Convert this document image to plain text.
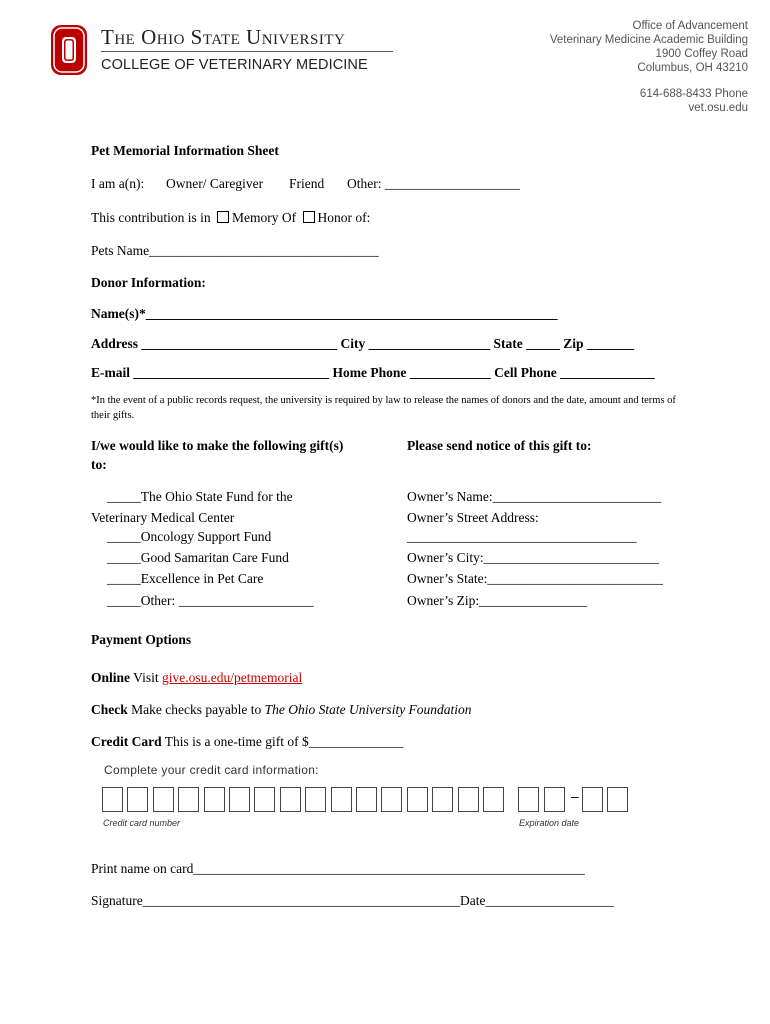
The Ohio State University
COLLEGE OF VETERINARY MEDICINE
Office of Advancement
Veterinary Medicine Academic Building
1900 Coffey Road
Columbus, OH 43210
614-688-8433 Phone
vet.osu.edu
Pet Memorial Information Sheet
I am a(n): Owner/ Caregiver Friend Other: ____________________
This contribution is in Memory Of Honor of:
Pets Name__________________________________
Donor Information:
Name(s)*_____________________________________________________________
Address _____________________________ City __________________ State _____ Zip _______
E-mail _____________________________ Home Phone ____________ Cell Phone ______________
*In the event of a public records request, the university is required by law to release the names of donors and the date, amount and terms of their gifts.
I/we would like to make the following gift(s)
to:
_____The Ohio State Fund for the
Veterinary Medical Center
_____Oncology Support Fund
_____Good Samaritan Care Fund
_____Excellence in Pet Care
_____Other: ____________________
Please send notice of this gift to:
Owner’s Name:_________________________
Owner’s Street Address:
__________________________________
Owner’s City:__________________________
Owner’s State:__________________________
Owner’s Zip:________________
Payment Options
Online Visit give.osu.edu/petmemorial
Check Make checks payable to The Ohio State University Foundation
Credit Card This is a one-time gift of $______________
Complete your credit card information:
–
Credit card number	Expiration date
Print name on card__________________________________________________________
Signature_______________________________________________Date___________________
